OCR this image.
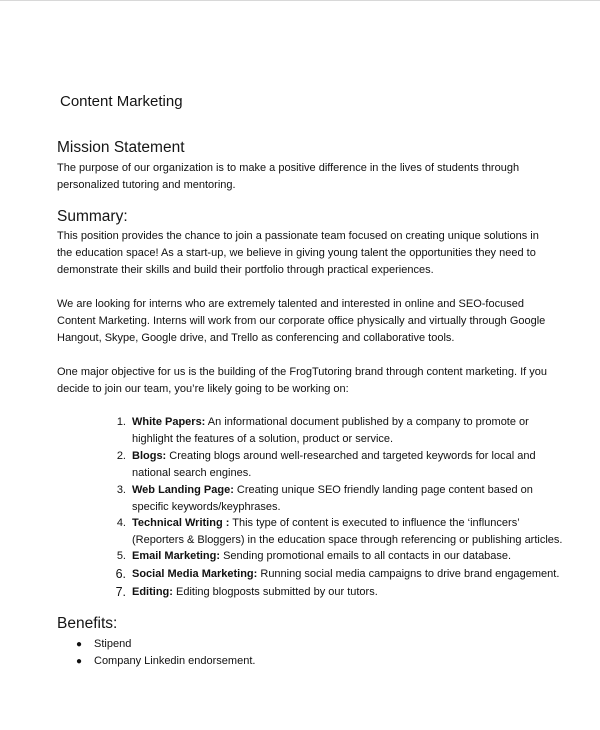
Content Marketing
Mission Statement

The purpose of our organization is to make a positive difference in the lives of students through personalized tutoring and mentoring.

Summary:

This position provides the chance to join a passionate team focused on creating unique solutions in the education space! As a start-up, we believe in giving young talent the opportunities they need to demonstrate their skills and build their portfolio through practical experiences.

We are looking for interns who are extremely talented and interested in online and SEO-focused Content Marketing. Interns will work from our corporate office physically and virtually through Google Hangout, Skype, Google drive, and Trello as conferencing and collaborative tools.

One major objective for us is the building of the FrogTutoring brand through content marketing. If you decide to join our team, you’re likely going to be working on:

1. White Papers: An informational document published by a company to promote or highlight the features of a solution, product or service.
2. Blogs: Creating blogs around well-researched and targeted keywords for local and national search engines.
3. Web Landing Page: Creating unique SEO friendly landing page content based on specific keywords/keyphrases.
4. Technical Writing : This type of content is executed to influence the ‘influncers’ (Reporters & Bloggers) in the education space through referencing or publishing articles.
5. Email Marketing: Sending promotional emails to all contacts in our database.
6. Social Media Marketing: Running social media campaigns to drive brand engagement.
7. Editing: Editing blogposts submitted by our tutors.
Benefits:
● Stipend
● Company Linkedin endorsement.
